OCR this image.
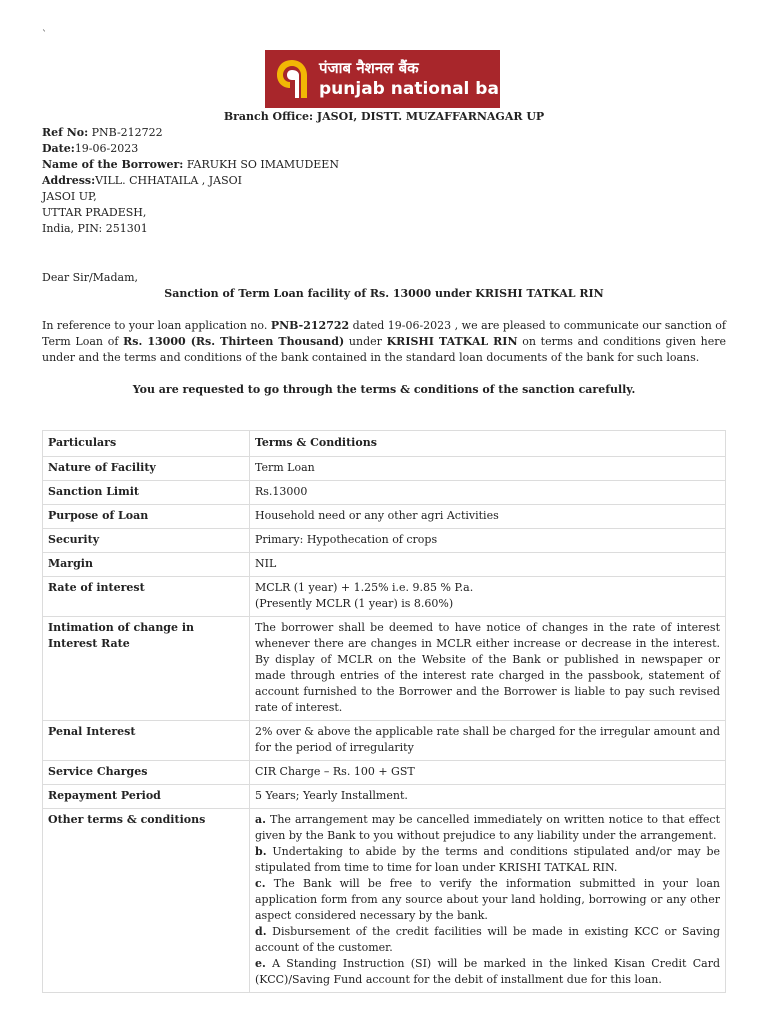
`
पंजाब नैशनल बैंक
punjab national bank
Branch Office: JASOI, DISTT. MUZAFFARNAGAR UP
Ref No: PNB-212722
Date:19-06-2023
Name of the Borrower: FARUKH SO IMAMUDEEN
Address:VILL. CHHATAILA , JASOI
JASOI UP,
UTTAR PRADESH,
India, PIN: 251301
Dear Sir/Madam,
Sanction of Term Loan facility of Rs. 13000 under KRISHI TATKAL RIN
In reference to your loan application no. PNB-212722 dated 19-06-2023 , we are pleased to communicate our sanction of Term Loan of Rs. 13000 (Rs. Thirteen Thousand) under KRISHI TATKAL RIN on terms and conditions given here under and the terms and conditions of the bank contained in the standard loan documents of the bank for such loans.
You are requested to go through the terms & conditions of the sanction carefully.
Particulars	Terms & Conditions
Nature of Facility	Term Loan
Sanction Limit	Rs.13000
Purpose of Loan	Household need or any other agri Activities
Security	Primary: Hypothecation of crops
Margin	NIL
Rate of interest	MCLR (1 year) + 1.25% i.e. 9.85 % P.a.
(Presently MCLR (1 year) is 8.60%)

Intimation of change in Interest Rate	The borrower shall be deemed to have notice of changes in the rate of interest whenever there are changes in MCLR either increase or decrease in the interest. By display of MCLR on the Website of the Bank or published in newspaper or made through entries of the interest rate charged in the passbook, statement of account furnished to the Borrower and the Borrower is liable to pay such revised rate of interest.
Penal Interest	2% over & above the applicable rate shall be charged for the irregular amount and for the period of irregularity
Service Charges	CIR Charge – Rs. 100 + GST
Repayment Period	5 Years; Yearly Installment.
Other terms & conditions	a. The arrangement may be cancelled immediately on written notice to that effect given by the Bank to you without prejudice to any liability under the arrangement.
b. Undertaking to abide by the terms and conditions stipulated and/or may be stipulated from time to time for loan under KRISHI TATKAL RIN.
c. The Bank will be free to verify the information submitted in your loan application form from any source about your land holding, borrowing or any other aspect considered necessary by the bank.
d. Disbursement of the credit facilities will be made in existing KCC or Saving account of the customer.
e. A Standing Instruction (SI) will be marked in the linked Kisan Credit Card (KCC)/Saving Fund account for the debit of installment due for this loan.
